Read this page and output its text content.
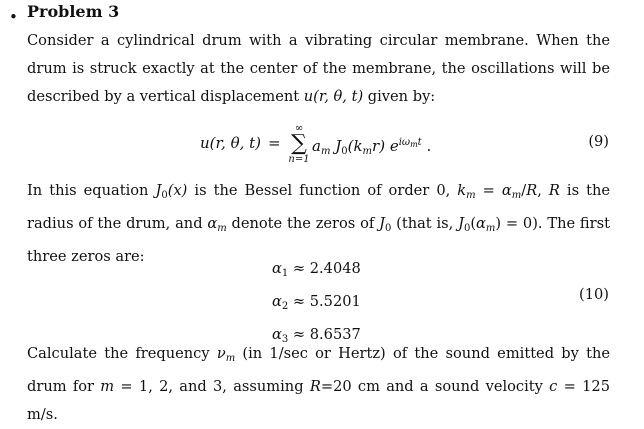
• Problem 3
Consider a cylindrical drum with a vibrating circular membrane. When the drum is struck exactly at the center of the membrane, the oscillations will be described by a vertical displacement u(r, θ, t) given by:
u(r, θ, t) =
∞
∑
n=1
$a_m$ $J_0(k_mr)$ $e^{i\omega mt}$ .	(9)
In this equation $J_0(x)$ is the Bessel function of order 0, $k_m = \alpha_m/R$, R is the radius of the drum, and $\alpha_m$ denote the zeros of $J_0$ (that is, $J_0(\alpha_m) = 0$). The first three zeros are:
$\alpha_1 \approx 2.4048$
$\alpha_2 \approx 5.5201$
$\alpha_3 \approx 8.6537$
(10)
Calculate the frequency $\nu_m$ (in 1/sec or Hertz) of the sound emitted by the drum for m = 1, 2, and 3, assuming R=20 cm and a sound velocity c = 125 m/s.
